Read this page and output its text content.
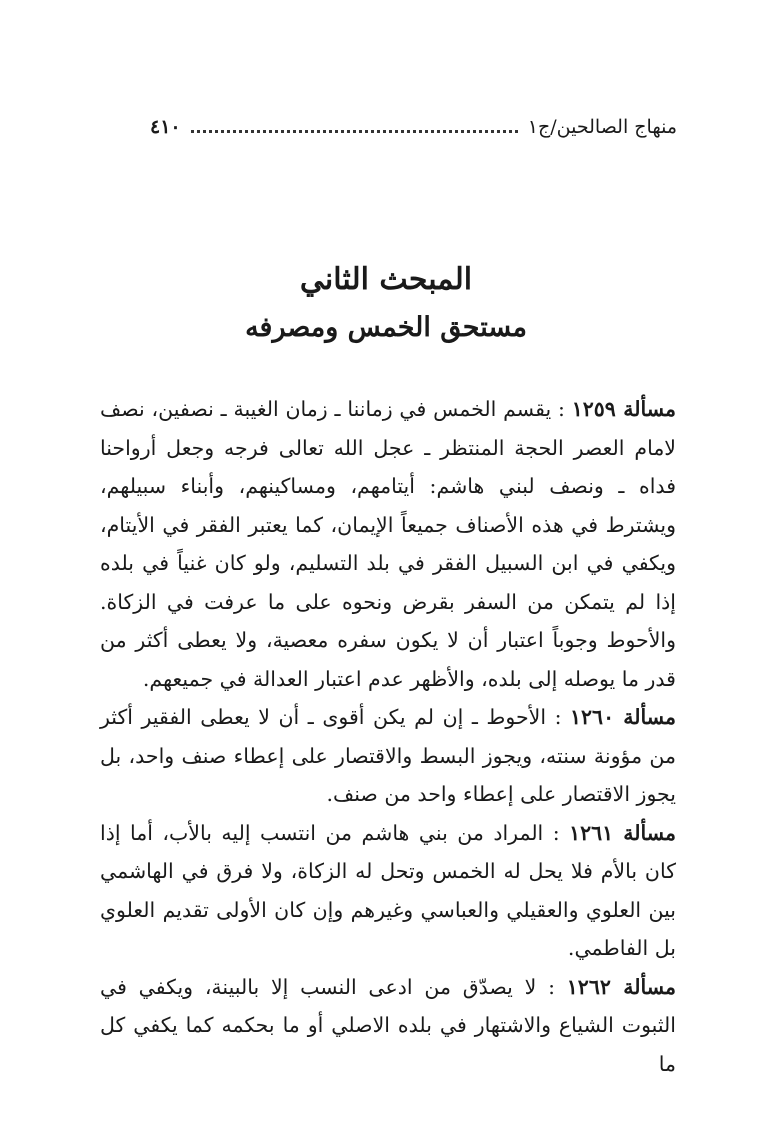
منهاج الصالحين/ج١
٤١٠
المبحث الثاني
مستحق الخمس ومصرفه

مسألة ١٢٥٩ : يقسم الخمس في زماننا ـ زمان الغيبة ـ نصفين، نصف لامام العصر الحجة المنتظر ـ عجل الله تعالى فرجه وجعل أرواحنا فداه ـ ونصف لبني هاشم: أيتامهم، ومساكينهم، وأبناء سبيلهم، ويشترط في هذه الأصناف جميعاً الإيمان، كما يعتبر الفقر في الأيتام، ويكفي في ابن السبيل الفقر في بلد التسليم، ولو كان غنياً في بلده إذا لم يتمكن من السفر بقرض ونحوه على ما عرفت في الزكاة. والأحوط وجوباً اعتبار أن لا يكون سفره معصية، ولا يعطى أكثر من قدر ما يوصله إلى بلده، والأظهر عدم اعتبار العدالة في جميعهم.

مسألة ١٢٦٠ : الأحوط ـ إن لم يكن أقوى ـ أن لا يعطى الفقير أكثر من مؤونة سنته، ويجوز البسط والاقتصار على إعطاء صنف واحد، بل يجوز الاقتصار على إعطاء واحد من صنف.

مسألة ١٢٦١ : المراد من بني هاشم من انتسب إليه بالأب، أما إذا كان بالأم فلا يحل له الخمس وتحل له الزكاة، ولا فرق في الهاشمي بين العلوي والعقيلي والعباسي وغيرهم وإن كان الأولى تقديم العلوي بل الفاطمي.

مسألة ١٢٦٢ : لا يصدّق من ادعى النسب إلا بالبينة، ويكفي في الثبوت الشياع والاشتهار في بلده الاصلي أو ما بحكمه كما يكفي كل ما
